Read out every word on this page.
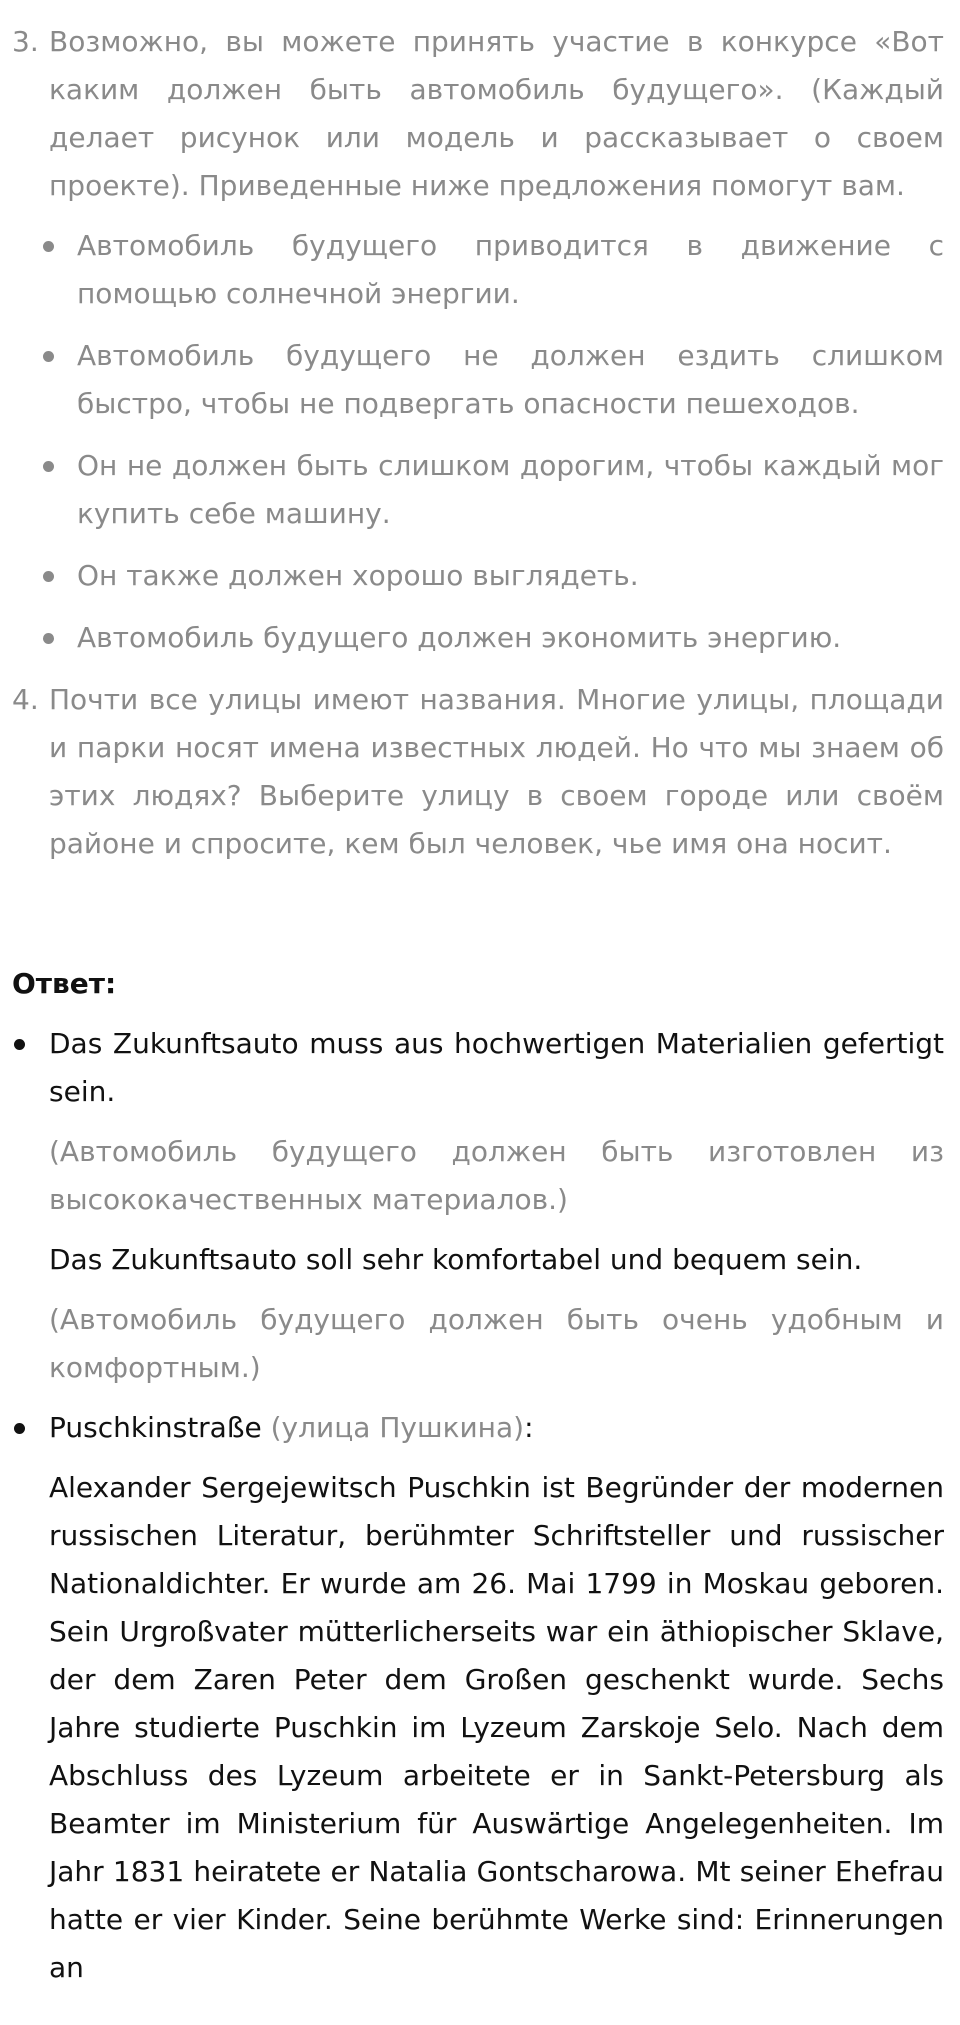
3. Возможно, вы можете принять участие в конкурсе «Вот каким должен быть автомобиль будущего». (Каждый делает рисунок или модель и рассказывает о своем проекте). Приведенные ниже предложения помогут вам.
Автомобиль будущего приводится в движение с помощью солнечной энергии.
Автомобиль будущего не должен ездить слишком быстро, чтобы не подвергать опасности пешеходов.
Он не должен быть слишком дорогим, чтобы каждый мог купить себе машину.
Он также должен хорошо выглядеть.
Автомобиль будущего должен экономить энергию.
4. Почти все улицы имеют названия. Многие улицы, площади и парки носят имена известных людей. Но что мы знаем об этих людях? Выберите улицу в своем городе или своём районе и спросите, кем был человек, чье имя она носит.
Ответ:

Das Zukunftsauto muss aus hochwertigen Materialien gefertigt sein.

(Автомобиль будущего должен быть изготовлен из высококачественных материалов.)

Das Zukunftsauto soll sehr komfortabel und bequem sein.

(Автомобиль будущего должен быть очень удобным и комфортным.)

Puschkinstraße (улица Пушкина):

Alexander Sergejewitsch Puschkin ist Begründer der modernen russischen Literatur, berühmter Schriftsteller und russischer Nationaldichter. Er wurde am 26. Mai 1799 in Moskau geboren. Sein Urgroßvater mütterlicherseits war ein äthiopischer Sklave, der dem Zaren Peter dem Großen geschenkt wurde. Sechs Jahre studierte Puschkin im Lyzeum Zarskoje Selo. Nach dem Abschluss des Lyzeum arbeitete er in Sankt-Petersburg als Beamter im Ministerium für Auswärtige Angelegenheiten. Im Jahr 1831 heiratete er Natalia Gontscharowa. Mt seiner Ehefrau hatte er vier Kinder. Seine berühmte Werke sind: Erinnerungen an
